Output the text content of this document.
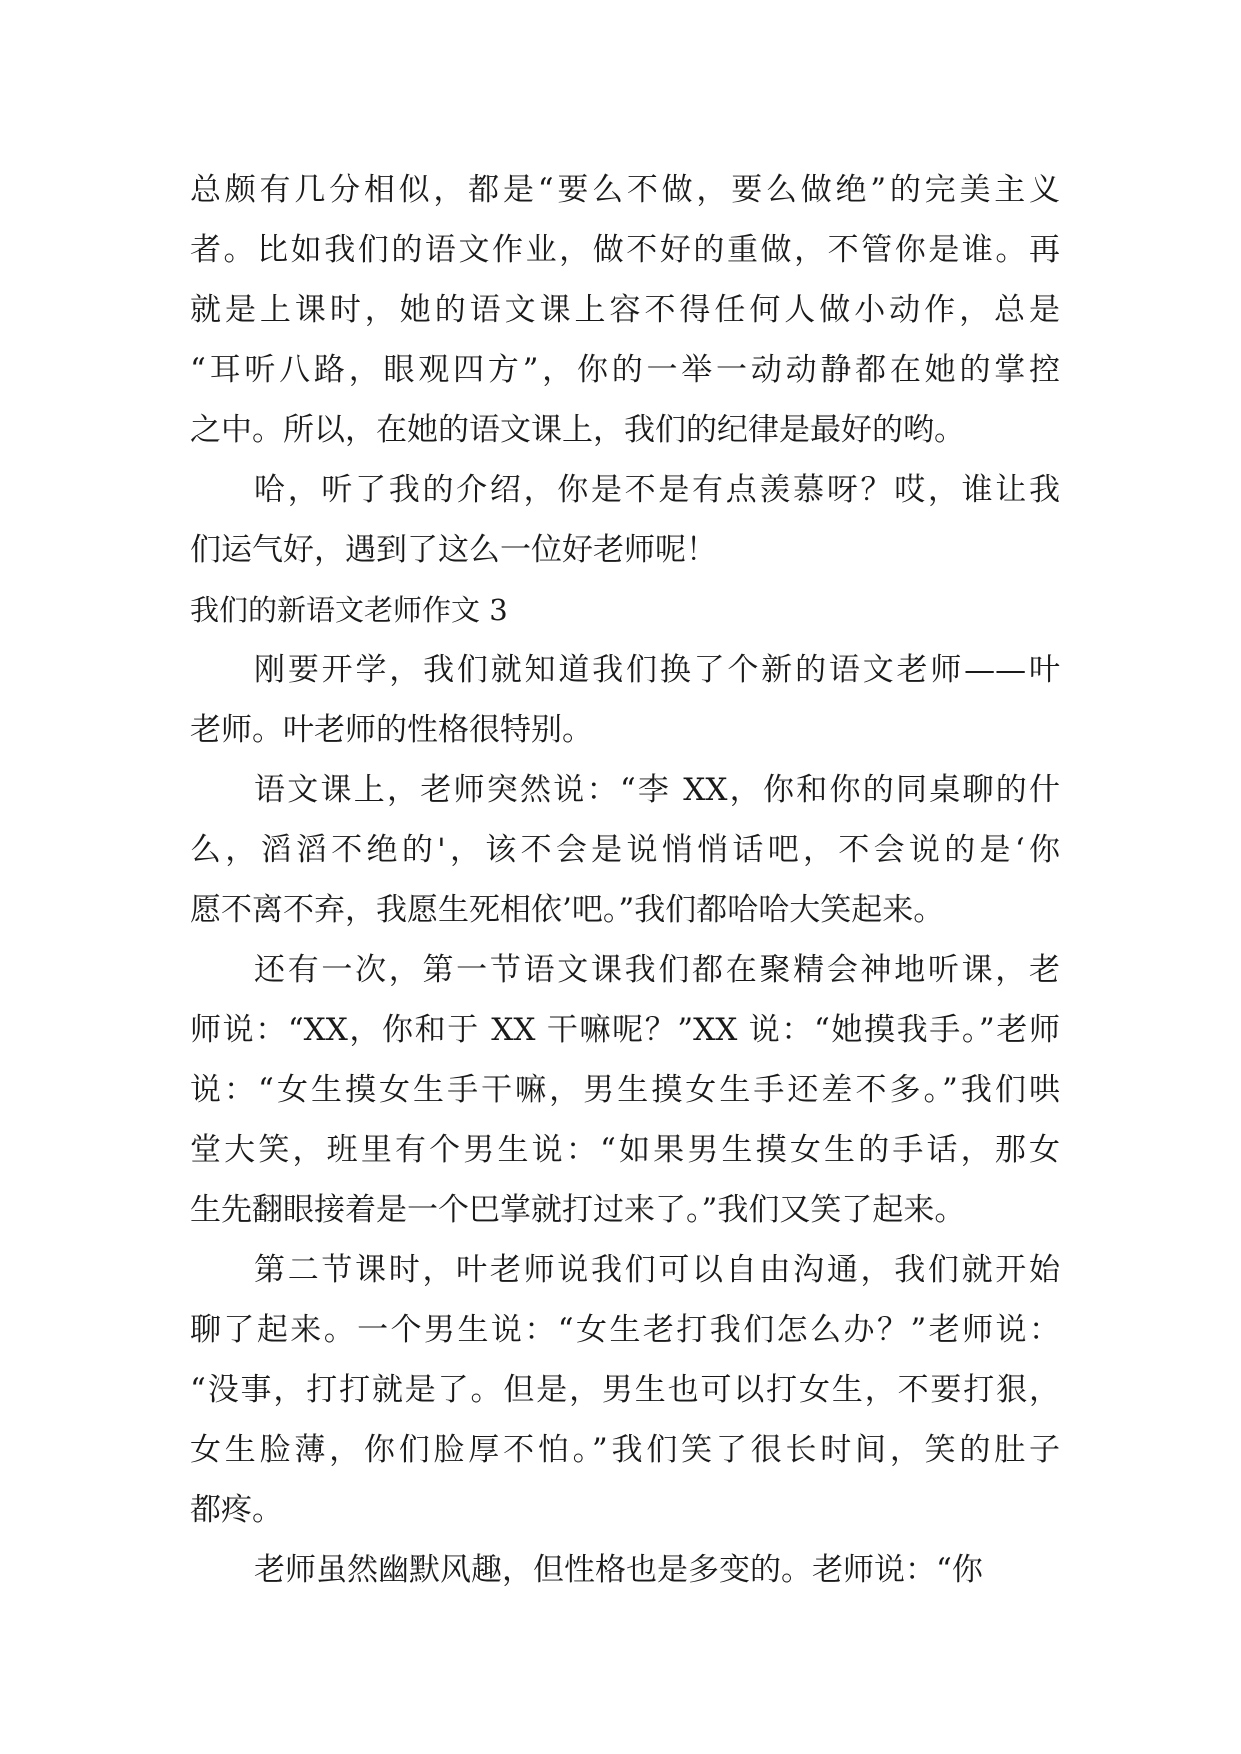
总颇有几分相似，都是“要么不做，要么做绝”的完美主义
者。比如我们的语文作业，做不好的重做，不管你是谁。再
就是上课时，她的语文课上容不得任何人做小动作，总是
“耳听八路，眼观四方”，你的一举一动动静都在她的掌控
之中。所以，在她的语文课上，我们的纪律是最好的哟。
哈，听了我的介绍，你是不是有点羡慕呀？哎，谁让我
们运气好，遇到了这么一位好老师呢！
我们的新语文老师作文 3
刚要开学，我们就知道我们换了个新的语文老师——叶
老师。叶老师的性格很特别。
语文课上，老师突然说：“李 XX，你和你的同桌聊的什
么，滔滔不绝的'，该不会是说悄悄话吧，不会说的是‘你
愿不离不弃，我愿生死相依’吧。”我们都哈哈大笑起来。
还有一次，第一节语文课我们都在聚精会神地听课，老
师说：“XX，你和于 XX 干嘛呢？”XX 说：“她摸我手。”老师
说：“女生摸女生手干嘛，男生摸女生手还差不多。”我们哄
堂大笑，班里有个男生说：“如果男生摸女生的手话，那女
生先翻眼接着是一个巴掌就打过来了。”我们又笑了起来。
第二节课时，叶老师说我们可以自由沟通，我们就开始
聊了起来。一个男生说：“女生老打我们怎么办？”老师说：
“没事，打打就是了。但是，男生也可以打女生，不要打狠，
女生脸薄，你们脸厚不怕。”我们笑了很长时间，笑的肚子
都疼。
老师虽然幽默风趣，但性格也是多变的。老师说：“你
